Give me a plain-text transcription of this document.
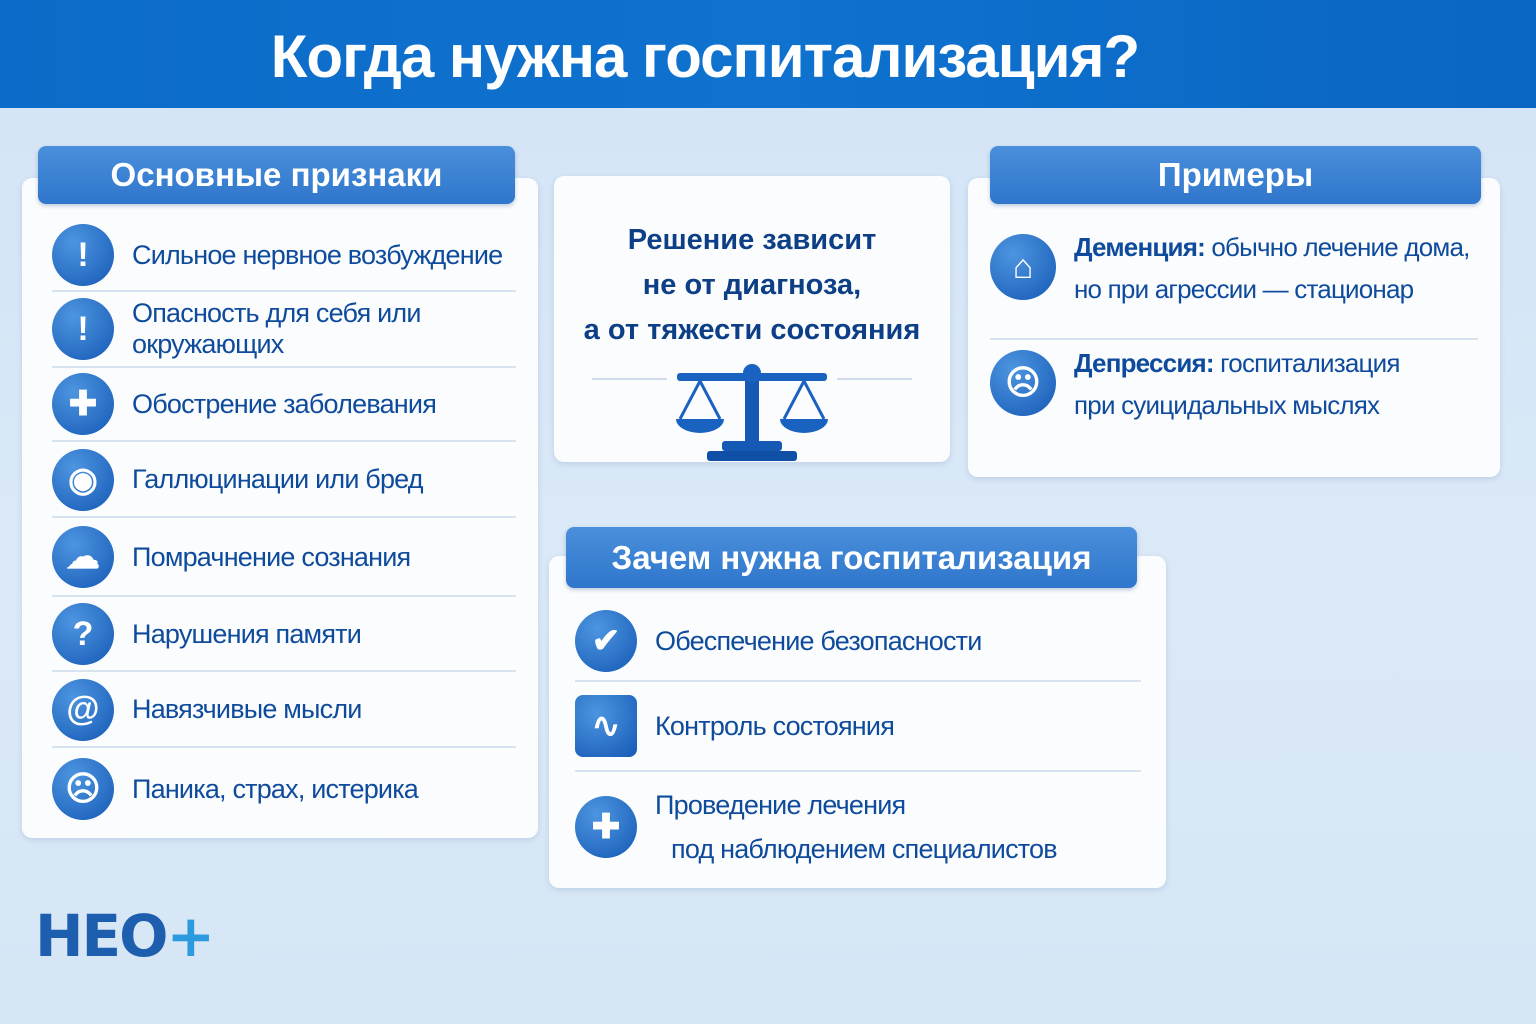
Когда нужна госпитализация?
!	Сильное нервное возбуждение
!	Опасность для себя или окружающих
✚	Обострение заболевания
◉	Галлюцинации или бред
☁	Помрачнение сознания
?	Нарушения памяти
@	Навязчивые мысли
☹	Паника, страх, истерика
Основные признаки
Решение зависит
не от диагноза,
а от тяжести состояния
⌂
Деменция: обычно лечение дома,
но при агрессии — стационар
☹
Депрессия: госпитализация
при суицидальных мыслях
Примеры
✔	Обеспечение безопасности
∿	Контроль состояния
✚
Проведение лечения
под наблюдением специалистов
Зачем нужна госпитализация
НЕО+
